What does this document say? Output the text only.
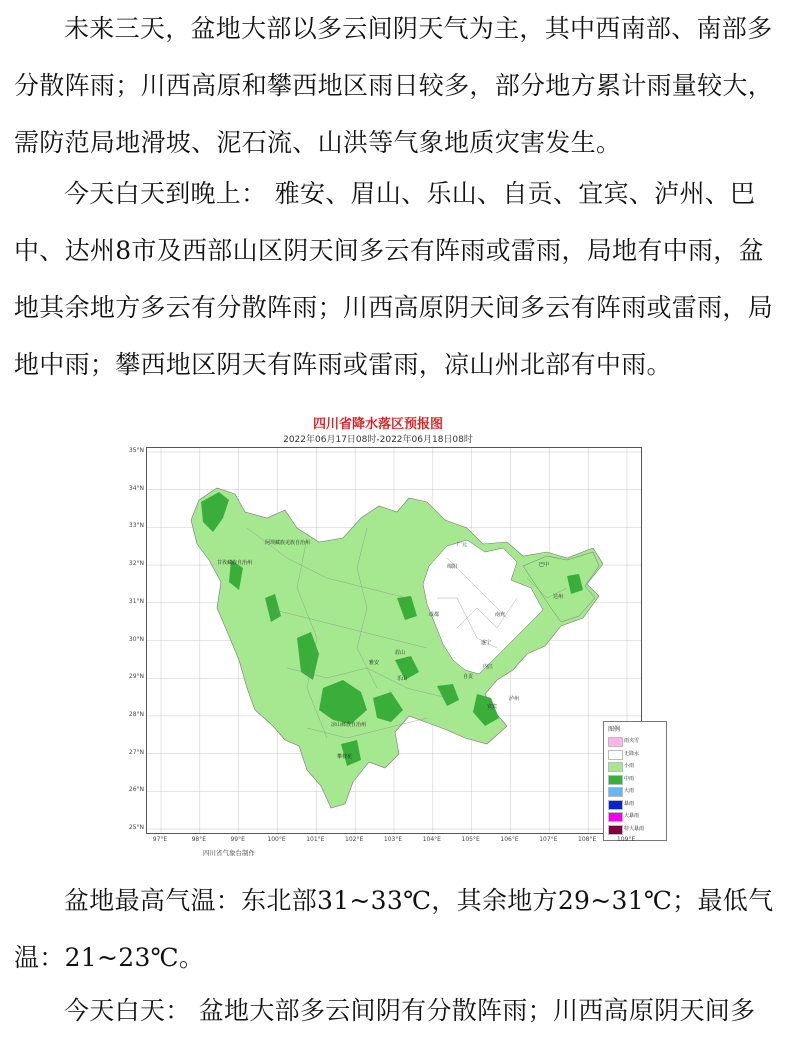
未来三天，盆地大部以多云间阴天气为主，其中西南部、南部多分散阵雨；川西高原和攀西地区雨日较多，部分地方累计雨量较大，需防范局地滑坡、泥石流、山洪等气象地质灾害发生。

今天白天到晚上： 雅安、眉山、乐山、自贡、宜宾、泸州、巴中、达州8市及西部山区阴天间多云有阵雨或雷雨，局地有中雨，盆地其余地方多云有分散阵雨；川西高原阴天间多云有阵雨或雷雨，局地中雨；攀西地区阴天有阵雨或雷雨，凉山州北部有中雨。

四川省降水落区预报图
2022年06月17日08时-2022年06月18日08时
阿坝藏族羌族自治州
甘孜藏族自治州
凉山彝族自治州
攀枝花
雅安
乐山
眉山
成都
绵阳
广元
巴中
达州
南充
遂宁
内江
自贡
宜宾
泸州
图例
雨夹雪
无降水
小雨
中雨
大雨
暴雨
大暴雨
特大暴雨
四川省气象台制作
35°N
34°N
33°N
32°N
31°N
30°N
29°N
28°N
27°N
26°N
25°N
97°E	98°E	99°E	100°E	101°E	102°E	103°E	104°E	105°E	106°E	107°E	108°E	109°E

盆地最高气温：东北部31~33℃，其余地方29~31℃；最低气温：21~23℃。

今天白天： 盆地大部多云间阴有分散阵雨；川西高原阴天间多
